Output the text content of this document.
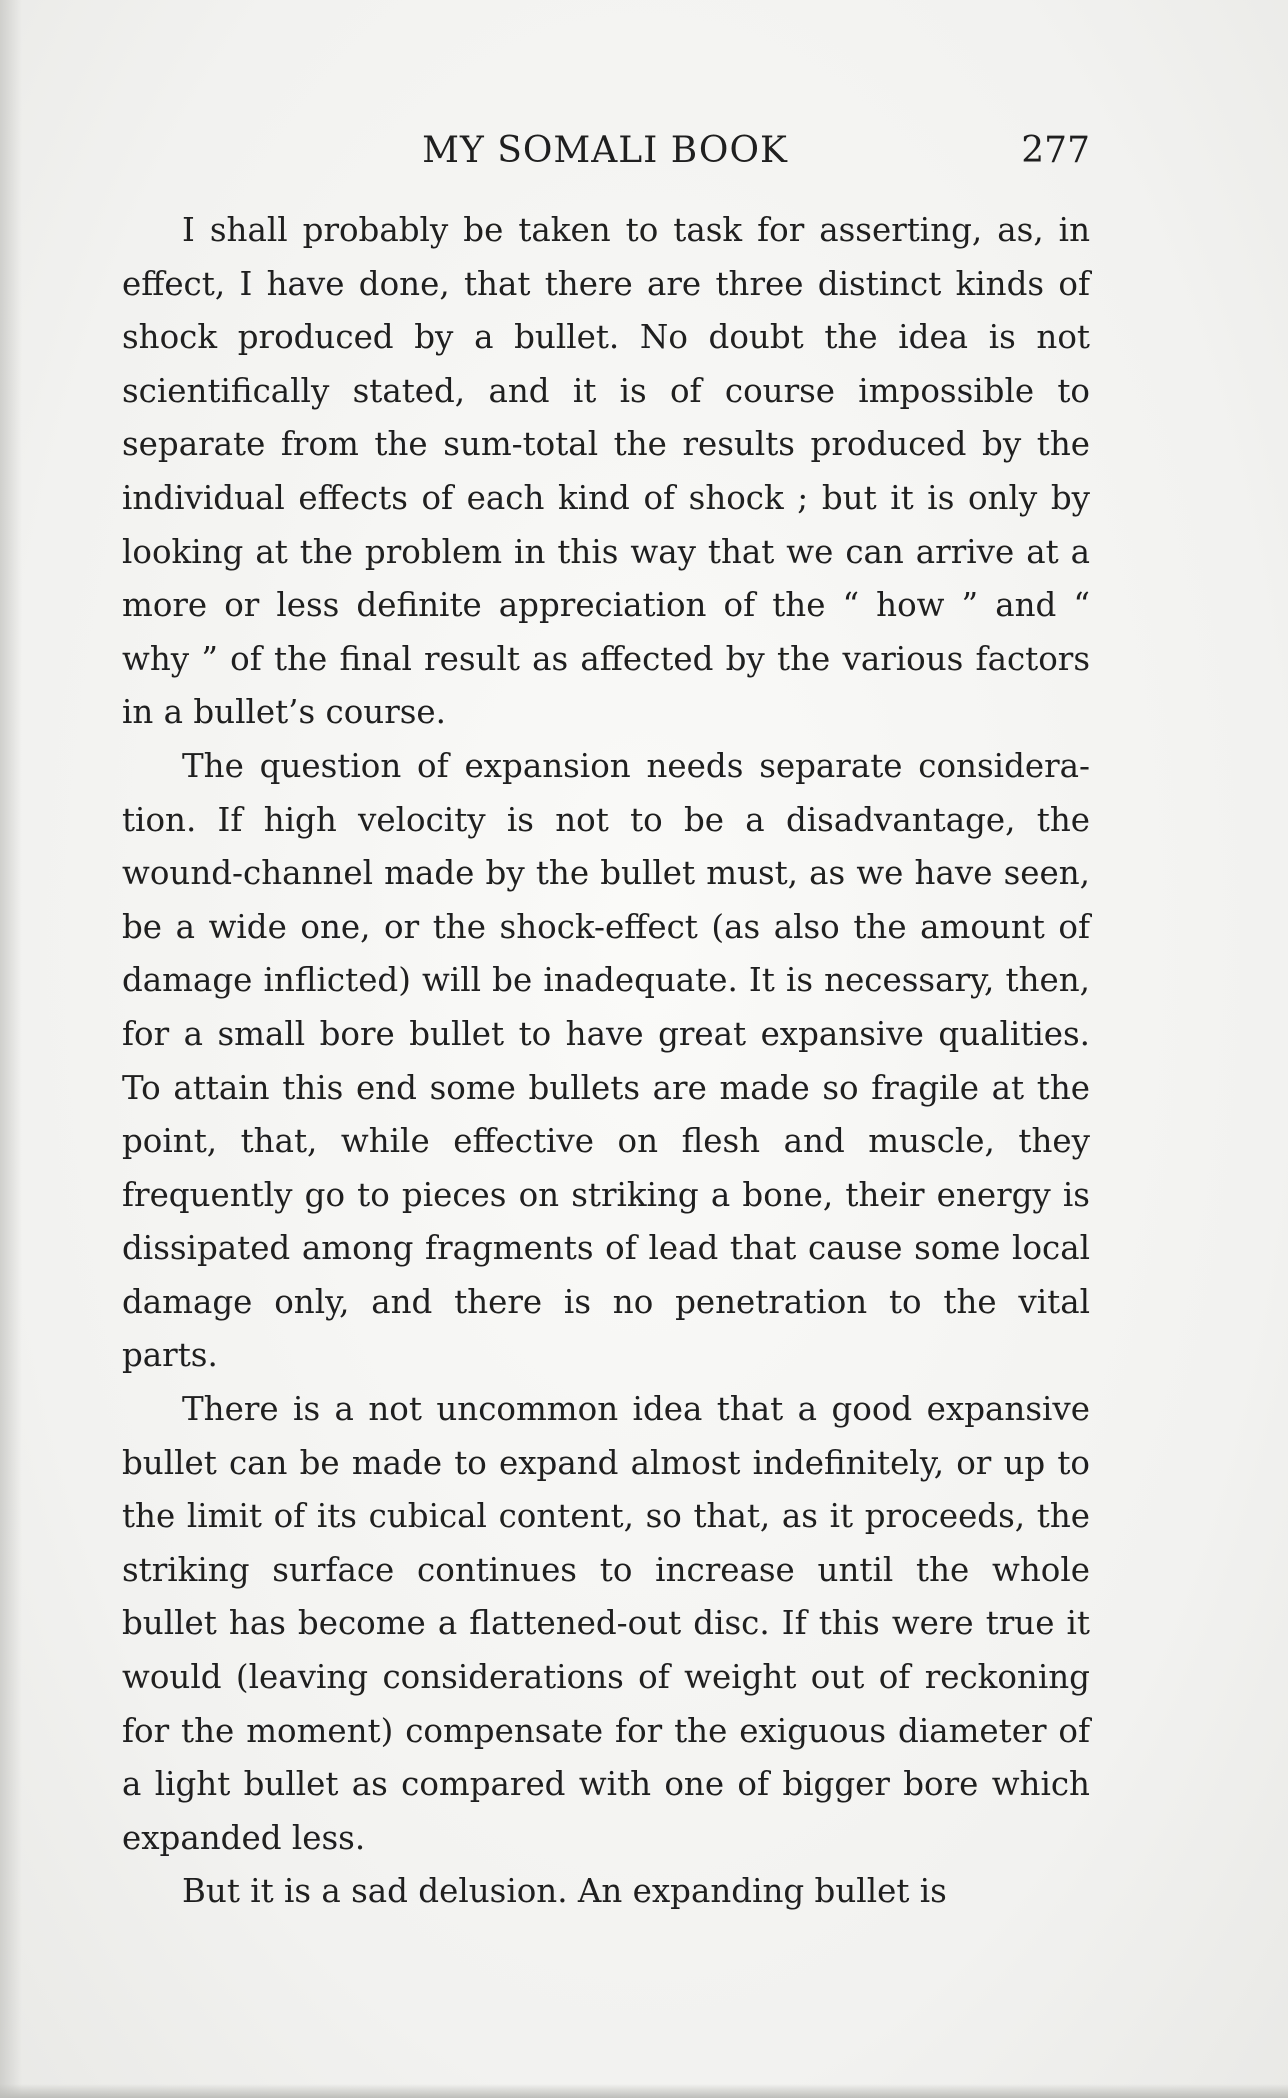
MY SOMALI BOOK	277

I shall probably be taken to task for asserting, as, in effect, I have done, that there are three distinct kinds of shock produced by a bullet. No doubt the idea is not scientifically stated, and it is of course impossible to separate from the sum-total the results produced by the individual effects of each kind of shock ; but it is only by looking at the problem in this way that we can arrive at a more or less definite appreciation of the “ how ” and “ why ” of the final result as affected by the various factors in a bullet’s course.

The question of expansion needs separate consideration. If high velocity is not to be a disadvantage, the wound-channel made by the bullet must, as we have seen, be a wide one, or the shock-effect (as also the amount of damage inflicted) will be inadequate. It is necessary, then, for a small bore bullet to have great expansive qualities. To attain this end some bullets are made so fragile at the point, that, while effective on flesh and muscle, they frequently go to pieces on striking a bone, their energy is dissipated among fragments of lead that cause some local damage only, and there is no penetration to the vital parts.

There is a not uncommon idea that a good expansive bullet can be made to expand almost indefinitely, or up to the limit of its cubical content, so that, as it proceeds, the striking surface continues to increase until the whole bullet has become a flattened-out disc. If this were true it would (leaving considerations of weight out of reckoning for the moment) compensate for the exiguous diameter of a light bullet as compared with one of bigger bore which expanded less.

But it is a sad delusion. An expanding bullet is
